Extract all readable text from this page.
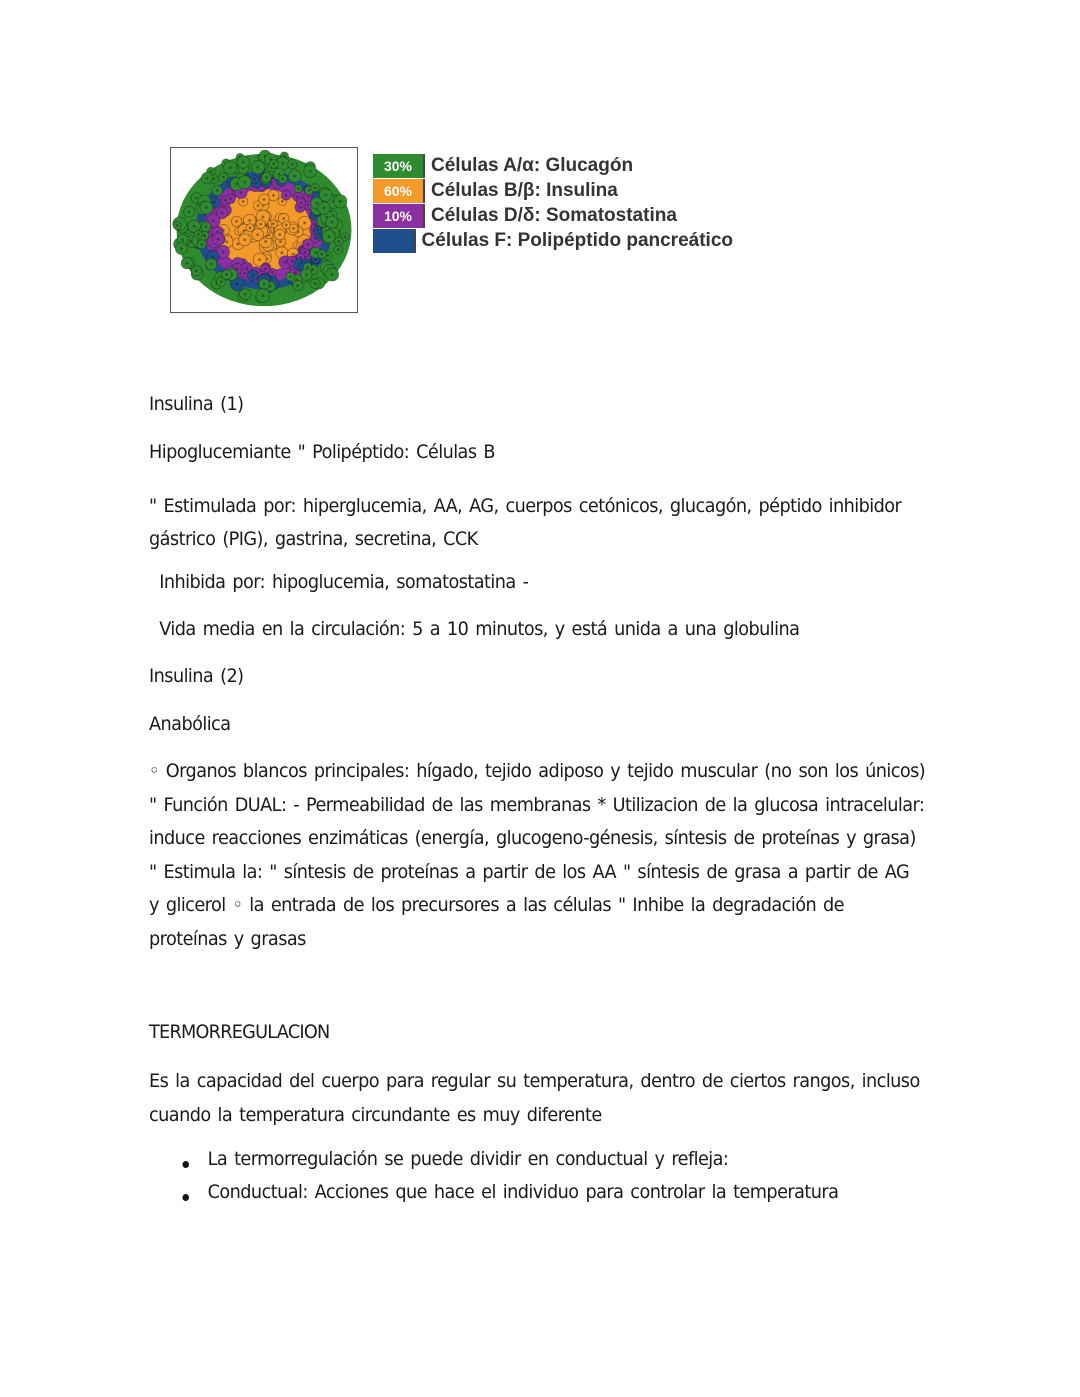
30% Células A/α: Glucagón
60% Células B/β: Insulina
10% Células D/δ: Somatostatina
Células F: Polipéptido pancreático

Insulina (1)

Hipoglucemiante " Polipéptido: Células B

" Estimulada por: hiperglucemia, AA, AG, cuerpos cetónicos, glucagón, péptido inhibidor gástrico (PIG), gastrina, secretina, CCK

Inhibida por: hipoglucemia, somatostatina -

Vida media en la circulación: 5 a 10 minutos, y está unida a una globulina

Insulina (2)

Anabólica

◦ Organos blancos principales: hígado, tejido adiposo y tejido muscular (no son los únicos) " Función DUAL: - Permeabilidad de las membranas * Utilizacion de la glucosa intracelular: induce reacciones enzimáticas (energía, glucogeno-génesis, síntesis de proteínas y grasa) " Estimula la: " síntesis de proteínas a partir de los AA " síntesis de grasa a partir de AG y glicerol ◦ la entrada de los precursores a las células " Inhibe la degradación de proteínas y grasas

TERMORREGULACION

Es la capacidad del cuerpo para regular su temperatura, dentro de ciertos rangos, incluso cuando la temperatura circundante es muy diferente

La termorregulación se puede dividir en conductual y refleja:
Conductual: Acciones que hace el individuo para controlar la temperatura
